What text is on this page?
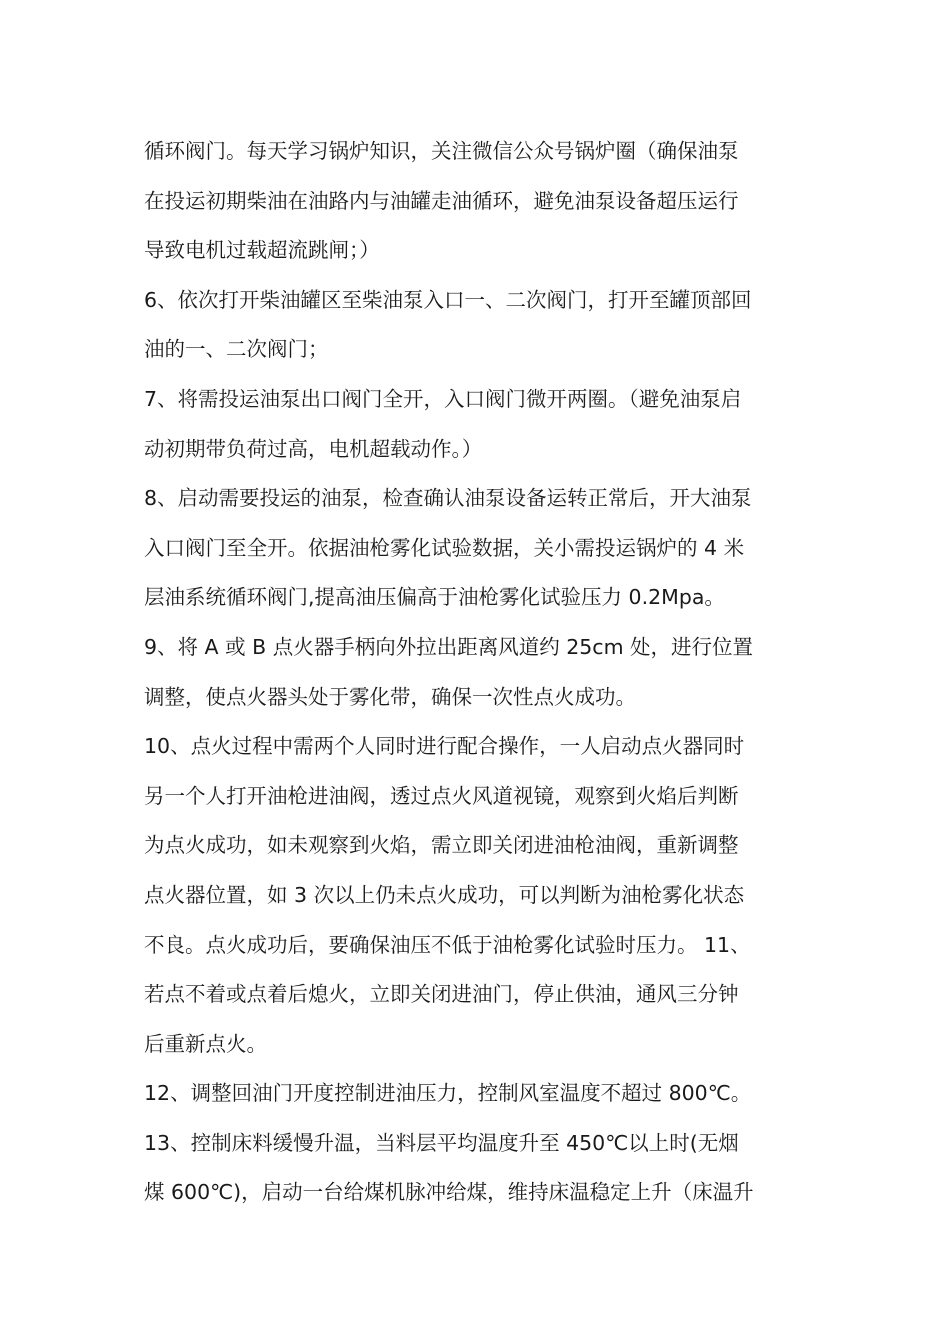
循环阀门。每天学习锅炉知识，关注微信公众号锅炉圈（确保油泵
在投运初期柴油在油路内与油罐走油循环，避免油泵设备超压运行
导致电机过载超流跳闸；）
6、依次打开柴油罐区至柴油泵入口一、二次阀门，打开至罐顶部回
油的一、二次阀门；
7、将需投运油泵出口阀门全开，入口阀门微开两圈。（避免油泵启
动初期带负荷过高，电机超载动作。）
8、启动需要投运的油泵，检查确认油泵设备运转正常后，开大油泵
入口阀门至全开。依据油枪雾化试验数据，关小需投运锅炉的 4 米
层油系统循环阀门,提高油压偏高于油枪雾化试验压力 0.2Mpa。
9、将 A 或 B 点火器手柄向外拉出距离风道约 25cm 处，进行位置
调整，使点火器头处于雾化带，确保一次性点火成功。
10、点火过程中需两个人同时进行配合操作，一人启动点火器同时
另一个人打开油枪进油阀，透过点火风道视镜，观察到火焰后判断
为点火成功，如未观察到火焰，需立即关闭进油枪油阀，重新调整
点火器位置，如 3 次以上仍未点火成功，可以判断为油枪雾化状态
不良。点火成功后，要确保油压不低于油枪雾化试验时压力。 11、
若点不着或点着后熄火，立即关闭进油门，停止供油，通风三分钟
后重新点火。
12、调整回油门开度控制进油压力，控制风室温度不超过 800℃。
13、控制床料缓慢升温，当料层平均温度升至 450℃以上时(无烟
煤 600℃)，启动一台给煤机脉冲给煤，维持床温稳定上升（床温升
